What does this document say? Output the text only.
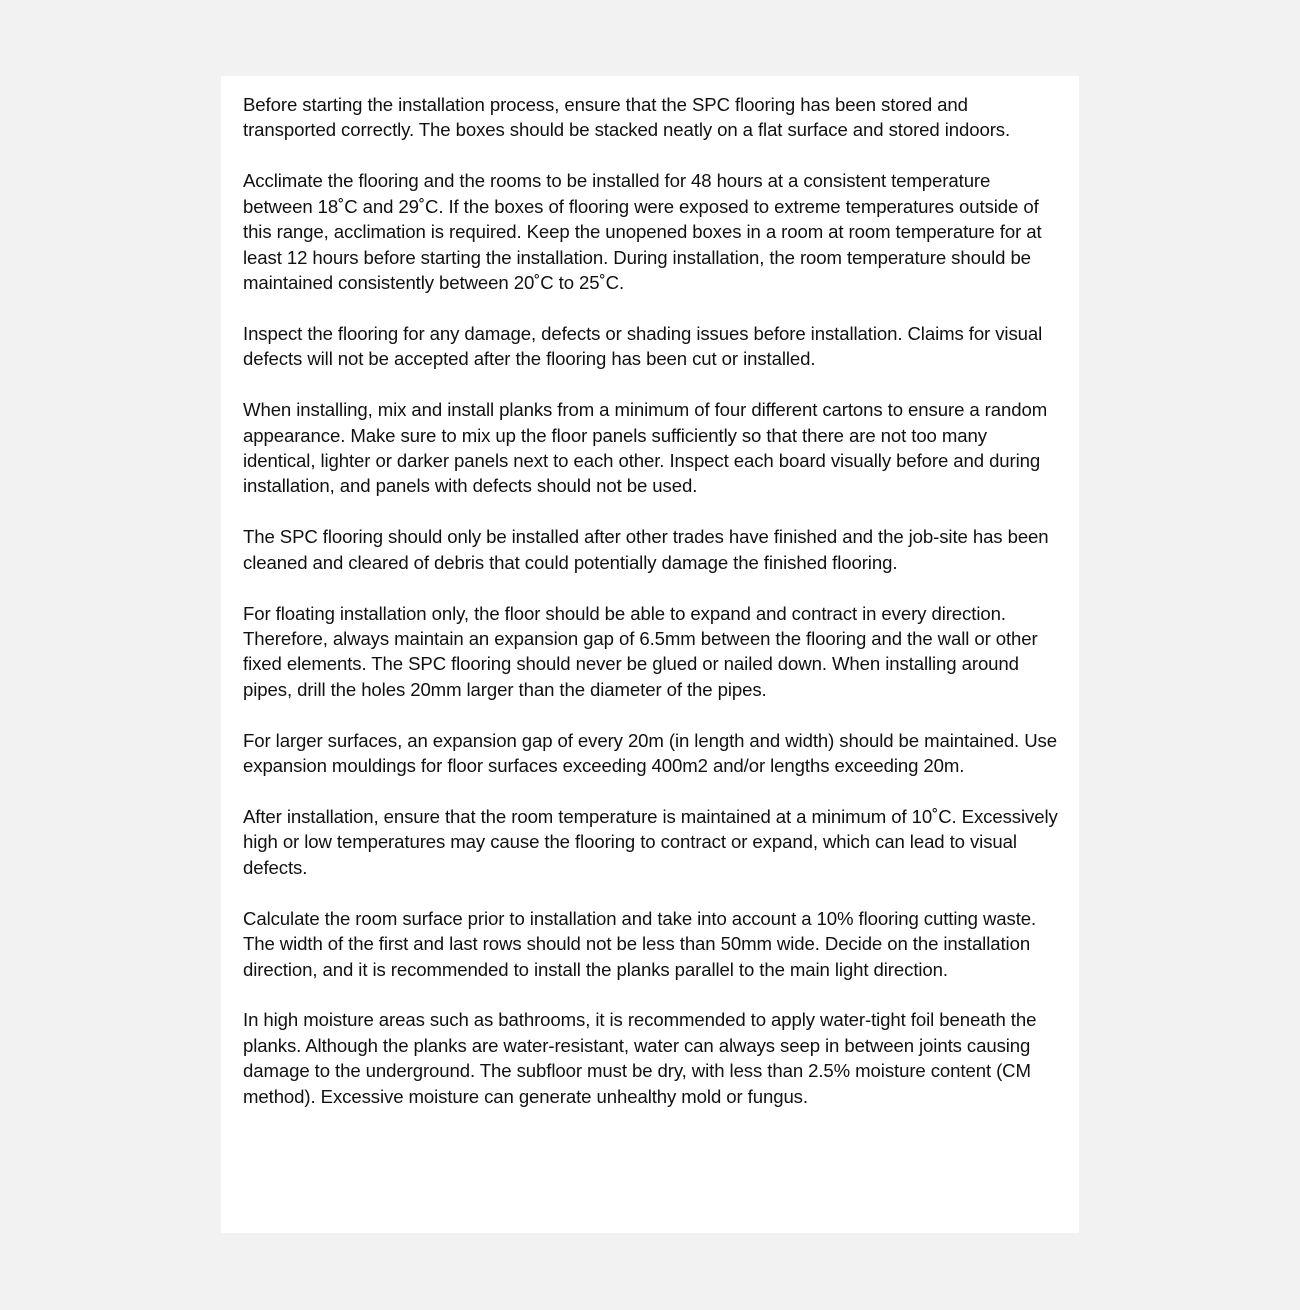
Before starting the installation process, ensure that the SPC flooring has been stored and transported correctly. The boxes should be stacked neatly on a flat surface and stored indoors.

Acclimate the flooring and the rooms to be installed for 48 hours at a consistent temperature between 18˚C and 29˚C. If the boxes of flooring were exposed to extreme temperatures outside of this range, acclimation is required. Keep the unopened boxes in a room at room temperature for at least 12 hours before starting the installation. During installation, the room temperature should be maintained consistently between 20˚C to 25˚C.

Inspect the flooring for any damage, defects or shading issues before installation. Claims for visual defects will not be accepted after the flooring has been cut or installed.

When installing, mix and install planks from a minimum of four different cartons to ensure a random appearance. Make sure to mix up the floor panels sufficiently so that there are not too many identical, lighter or darker panels next to each other. Inspect each board visually before and during installation, and panels with defects should not be used.

The SPC flooring should only be installed after other trades have finished and the job-site has been cleaned and cleared of debris that could potentially damage the finished flooring.

For floating installation only, the floor should be able to expand and contract in every direction. Therefore, always maintain an expansion gap of 6.5mm between the flooring and the wall or other fixed elements. The SPC flooring should never be glued or nailed down. When installing around pipes, drill the holes 20mm larger than the diameter of the pipes.

For larger surfaces, an expansion gap of every 20m (in length and width) should be maintained. Use expansion mouldings for floor surfaces exceeding 400m2 and/or lengths exceeding 20m.

After installation, ensure that the room temperature is maintained at a minimum of 10˚C. Excessively high or low temperatures may cause the flooring to contract or expand, which can lead to visual defects.

Calculate the room surface prior to installation and take into account a 10% flooring cutting waste. The width of the first and last rows should not be less than 50mm wide. Decide on the installation direction, and it is recommended to install the planks parallel to the main light direction.

In high moisture areas such as bathrooms, it is recommended to apply water-tight foil beneath the planks. Although the planks are water-resistant, water can always seep in between joints causing damage to the underground. The subfloor must be dry, with less than 2.5% moisture content (CM method). Excessive moisture can generate unhealthy mold or fungus.
